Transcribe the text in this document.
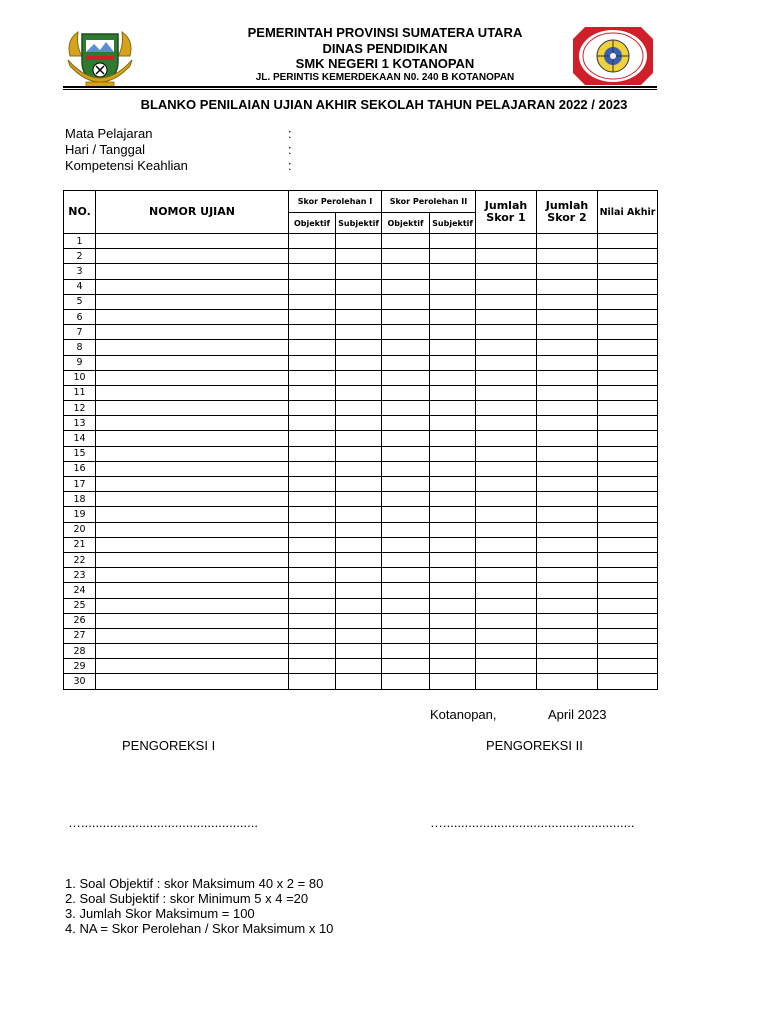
PEMERINTAH PROVINSI SUMATERA UTARA
DINAS PENDIDIKAN
SMK NEGERI 1 KOTANOPAN
JL. PERINTIS KEMERDEKAAN N0. 240 B KOTANOPAN
BLANKO PENILAIAN UJIAN AKHIR SEKOLAH TAHUN PELAJARAN 2022 / 2023
Mata Pelajaran	:
Hari / Tanggal	:
Kompetensi Keahlian	:
NO.	NOMOR UJIAN	Skor Perolehan I		Skor Perolehan II		Jumlah Skor 1	Jumlah Skor 2	Nilai Akhir
		Objektif	Subjektif	Objektif	Subjektif			
1								
2								
3								
4								
5								
6								
7								
8								
9								
10								
11								
12								
13								
14								
15								
16								
17								
18								
19								
20								
21								
22								
23								
24								
25								
26								
27								
28								
29								
30								
Kotanopan,	April 2023
PENGOREKSI I	PENGOREKSI II
….................................................	….....................................................
1. Soal Objektif : skor Maksimum 40 x 2 = 80
2. Soal Subjektif : skor Minimum 5 x 4 =20
3. Jumlah Skor Maksimum = 100
4. NA = Skor Perolehan / Skor Maksimum x 10
